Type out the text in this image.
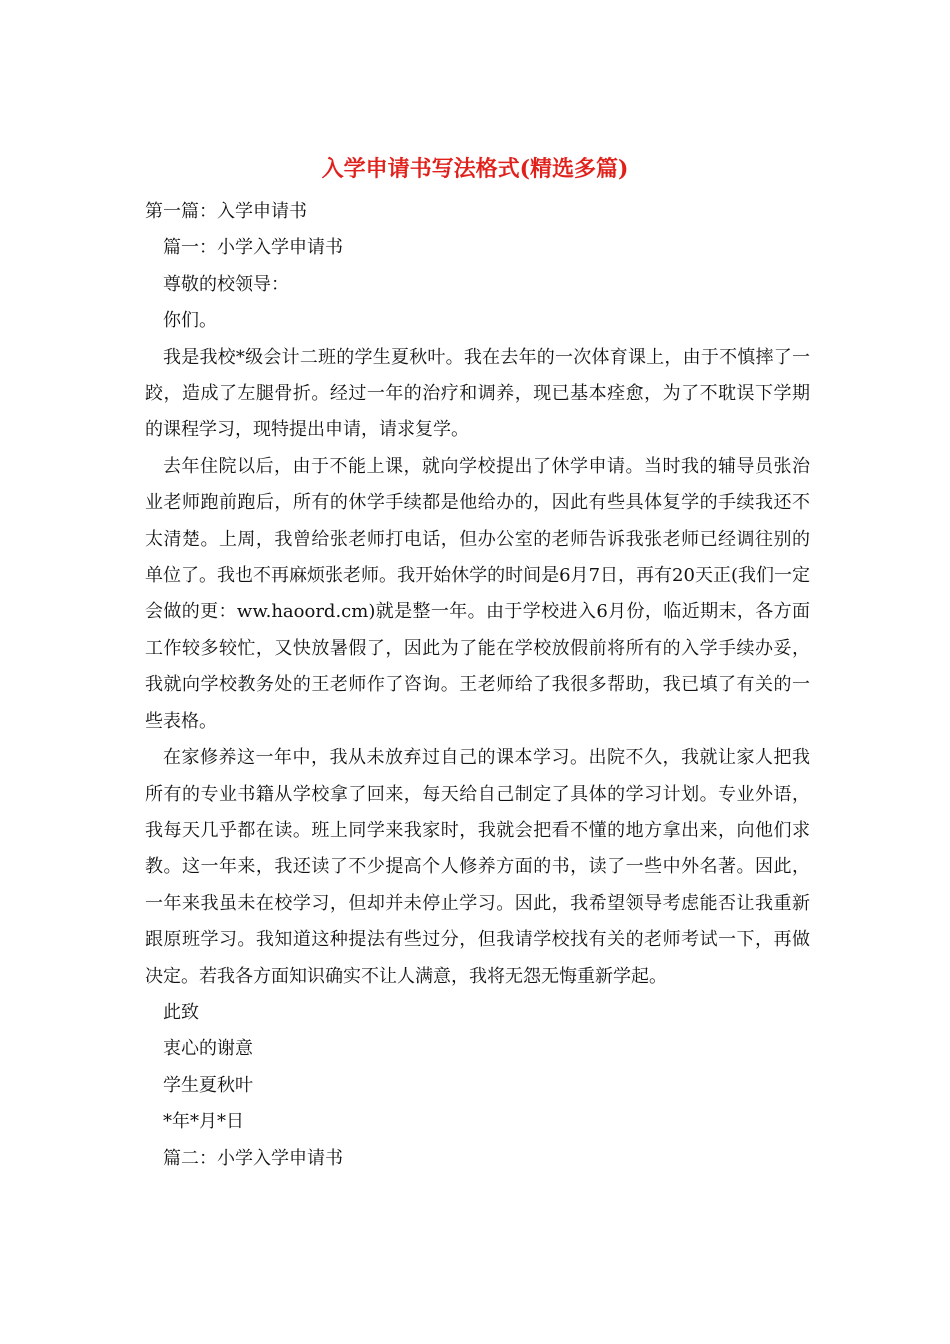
入学申请书写法格式(精选多篇)

第一篇：入学申请书

篇一：小学入学申请书

尊敬的校领导：

你们。

我是我校*级会计二班的学生夏秋叶。我在去年的一次体育课上，由于不慎摔了一跤，造成了左腿骨折。经过一年的治疗和调养，现已基本痊愈，为了不耽误下学期的课程学习，现特提出申请，请求复学。

去年住院以后，由于不能上课，就向学校提出了休学申请。当时我的辅导员张治业老师跑前跑后，所有的休学手续都是他给办的，因此有些具体复学的手续我还不太清楚。上周，我曾给张老师打电话，但办公室的老师告诉我张老师已经调往别的单位了。我也不再麻烦张老师。我开始休学的时间是6月7日，再有20天正(我们一定会做的更：ww.haoord.cm)就是整一年。由于学校进入6月份，临近期末，各方面工作较多较忙，又快放暑假了，因此为了能在学校放假前将所有的入学手续办妥，我就向学校教务处的王老师作了咨询。王老师给了我很多帮助，我已填了有关的一些表格。

在家修养这一年中，我从未放弃过自己的课本学习。出院不久，我就让家人把我所有的专业书籍从学校拿了回来，每天给自己制定了具体的学习计划。专业外语，我每天几乎都在读。班上同学来我家时，我就会把看不懂的地方拿出来，向他们求教。这一年来，我还读了不少提高个人修养方面的书，读了一些中外名著。因此，一年来我虽未在校学习，但却并未停止学习。因此，我希望领导考虑能否让我重新跟原班学习。我知道这种提法有些过分，但我请学校找有关的老师考试一下，再做决定。若我各方面知识确实不让人满意，我将无怨无悔重新学起。

此致

衷心的谢意

学生夏秋叶

*年*月*日

篇二：小学入学申请书
